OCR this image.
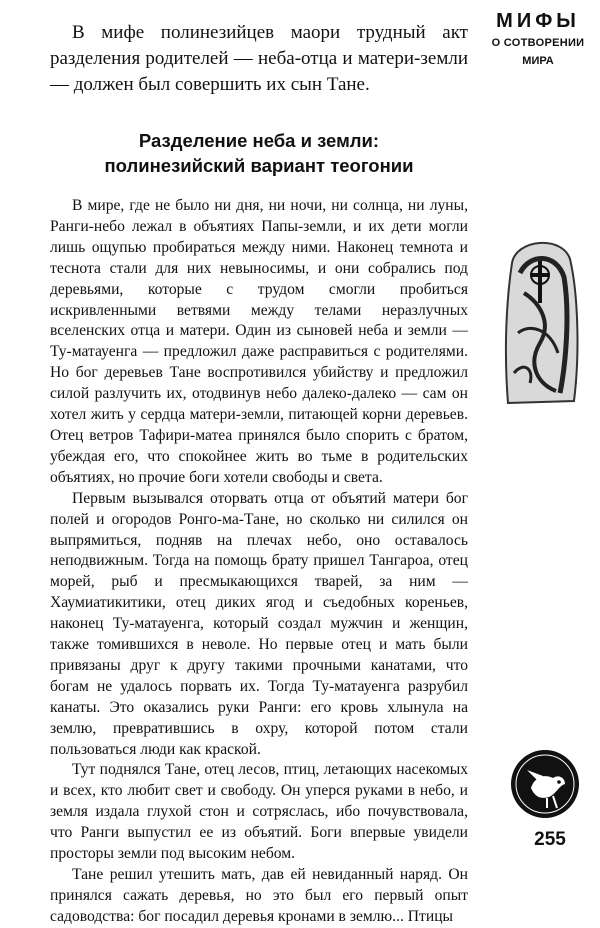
В мифе полинезийцев маори трудный акт разделения родителей — неба-отца и матери-земли — должен был совершить их сын Тане.

Разделение неба и земли:
полинезийский вариант теогонии

В мире, где не было ни дня, ни ночи, ни солнца, ни луны, Ранги-небо лежал в объятиях Папы-земли, и их дети могли лишь ощупью пробираться между ними. Наконец темнота и теснота стали для них невыносимы, и они собрались под деревьями, которые с трудом смогли пробиться искривленными ветвями между телами неразлучных вселенских отца и матери. Один из сыновей неба и земли — Ту-матауенга — предложил даже расправиться с родителями. Но бог деревьев Тане воспротивился убийству и предложил силой разлучить их, отодвинув небо далеко-далеко — сам он хотел жить у сердца матери-земли, питающей корни деревьев. Отец ветров Тафири-матеа принялся было спорить с братом, убеждая его, что спокойнее жить во тьме в родительских объятиях, но прочие боги хотели свободы и света.

Первым вызывался оторвать отца от объятий матери бог полей и огородов Ронго-ма-Тане, но сколько ни силился он выпрямиться, подняв на плечах небо, оно оставалось неподвижным. Тогда на помощь брату пришел Тангароа, отец морей, рыб и пресмыкающихся тварей, за ним — Хаумиатикитики, отец диких ягод и съедобных кореньев, наконец Ту-матауенга, который создал мужчин и женщин, также томившихся в неволе. Но первые отец и мать были привязаны друг к другу такими прочными канатами, что богам не удалось порвать их. Тогда Ту-матауенга разрубил канаты. Это оказались руки Ранги: его кровь хлынула на землю, превратившись в охру, которой потом стали пользоваться люди как краской.

Тут поднялся Тане, отец лесов, птиц, летающих насекомых и всех, кто любит свет и свободу. Он уперся руками в небо, и земля издала глухой стон и сотряслась, ибо почувствовала, что Ранги выпустил ее из объятий. Боги впервые увидели просторы земли под высоким небом.

Тане решил утешить мать, дав ей невиданный наряд. Он принялся сажать деревья, но это был его первый опыт садоводства: бог посадил деревья кронами в землю... Птицы

МИФЫ
О СОТВОРЕНИИ
МИРА
255
